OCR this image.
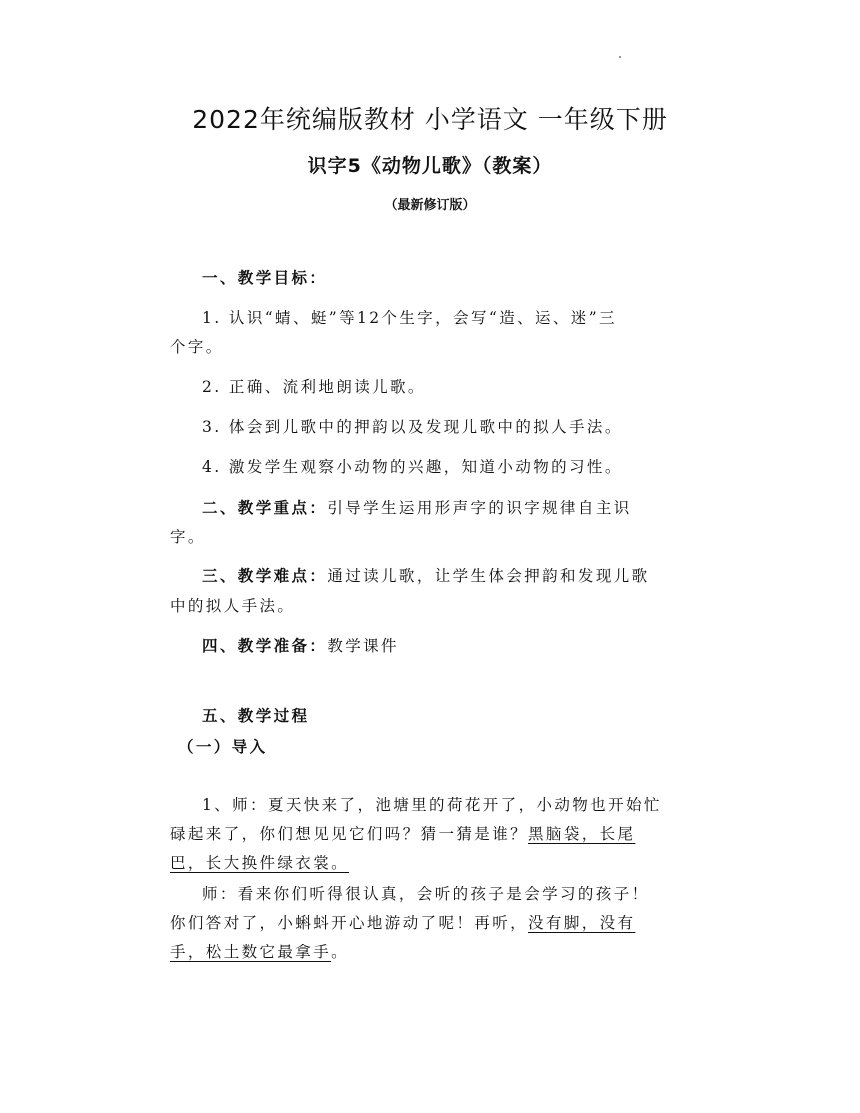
2022年统编版教材 小学语文 一年级下册
识字5《动物儿歌》（教案）
（最新修订版）
一、教学目标：
1. 认识“蜻、蜓”等12个生字，会写“造、运、迷”三
个字。
2. 正确、流利地朗读儿歌。
3. 体会到儿歌中的押韵以及发现儿歌中的拟人手法。
4. 激发学生观察小动物的兴趣，知道小动物的习性。
二、教学重点：引导学生运用形声字的识字规律自主识
字。
三、教学难点：通过读儿歌，让学生体会押韵和发现儿歌
中的拟人手法。
四、教学准备：教学课件
五、教学过程
（一）导入
1、师：夏天快来了，池塘里的荷花开了，小动物也开始忙
碌起来了，你们想见见它们吗？猜一猜是谁？黑脑袋，长尾
巴，长大换件绿衣裳。
师：看来你们听得很认真，会听的孩子是会学习的孩子！
你们答对了，小蝌蚪开心地游动了呢！再听，没有脚，没有
手，松土数它最拿手。
